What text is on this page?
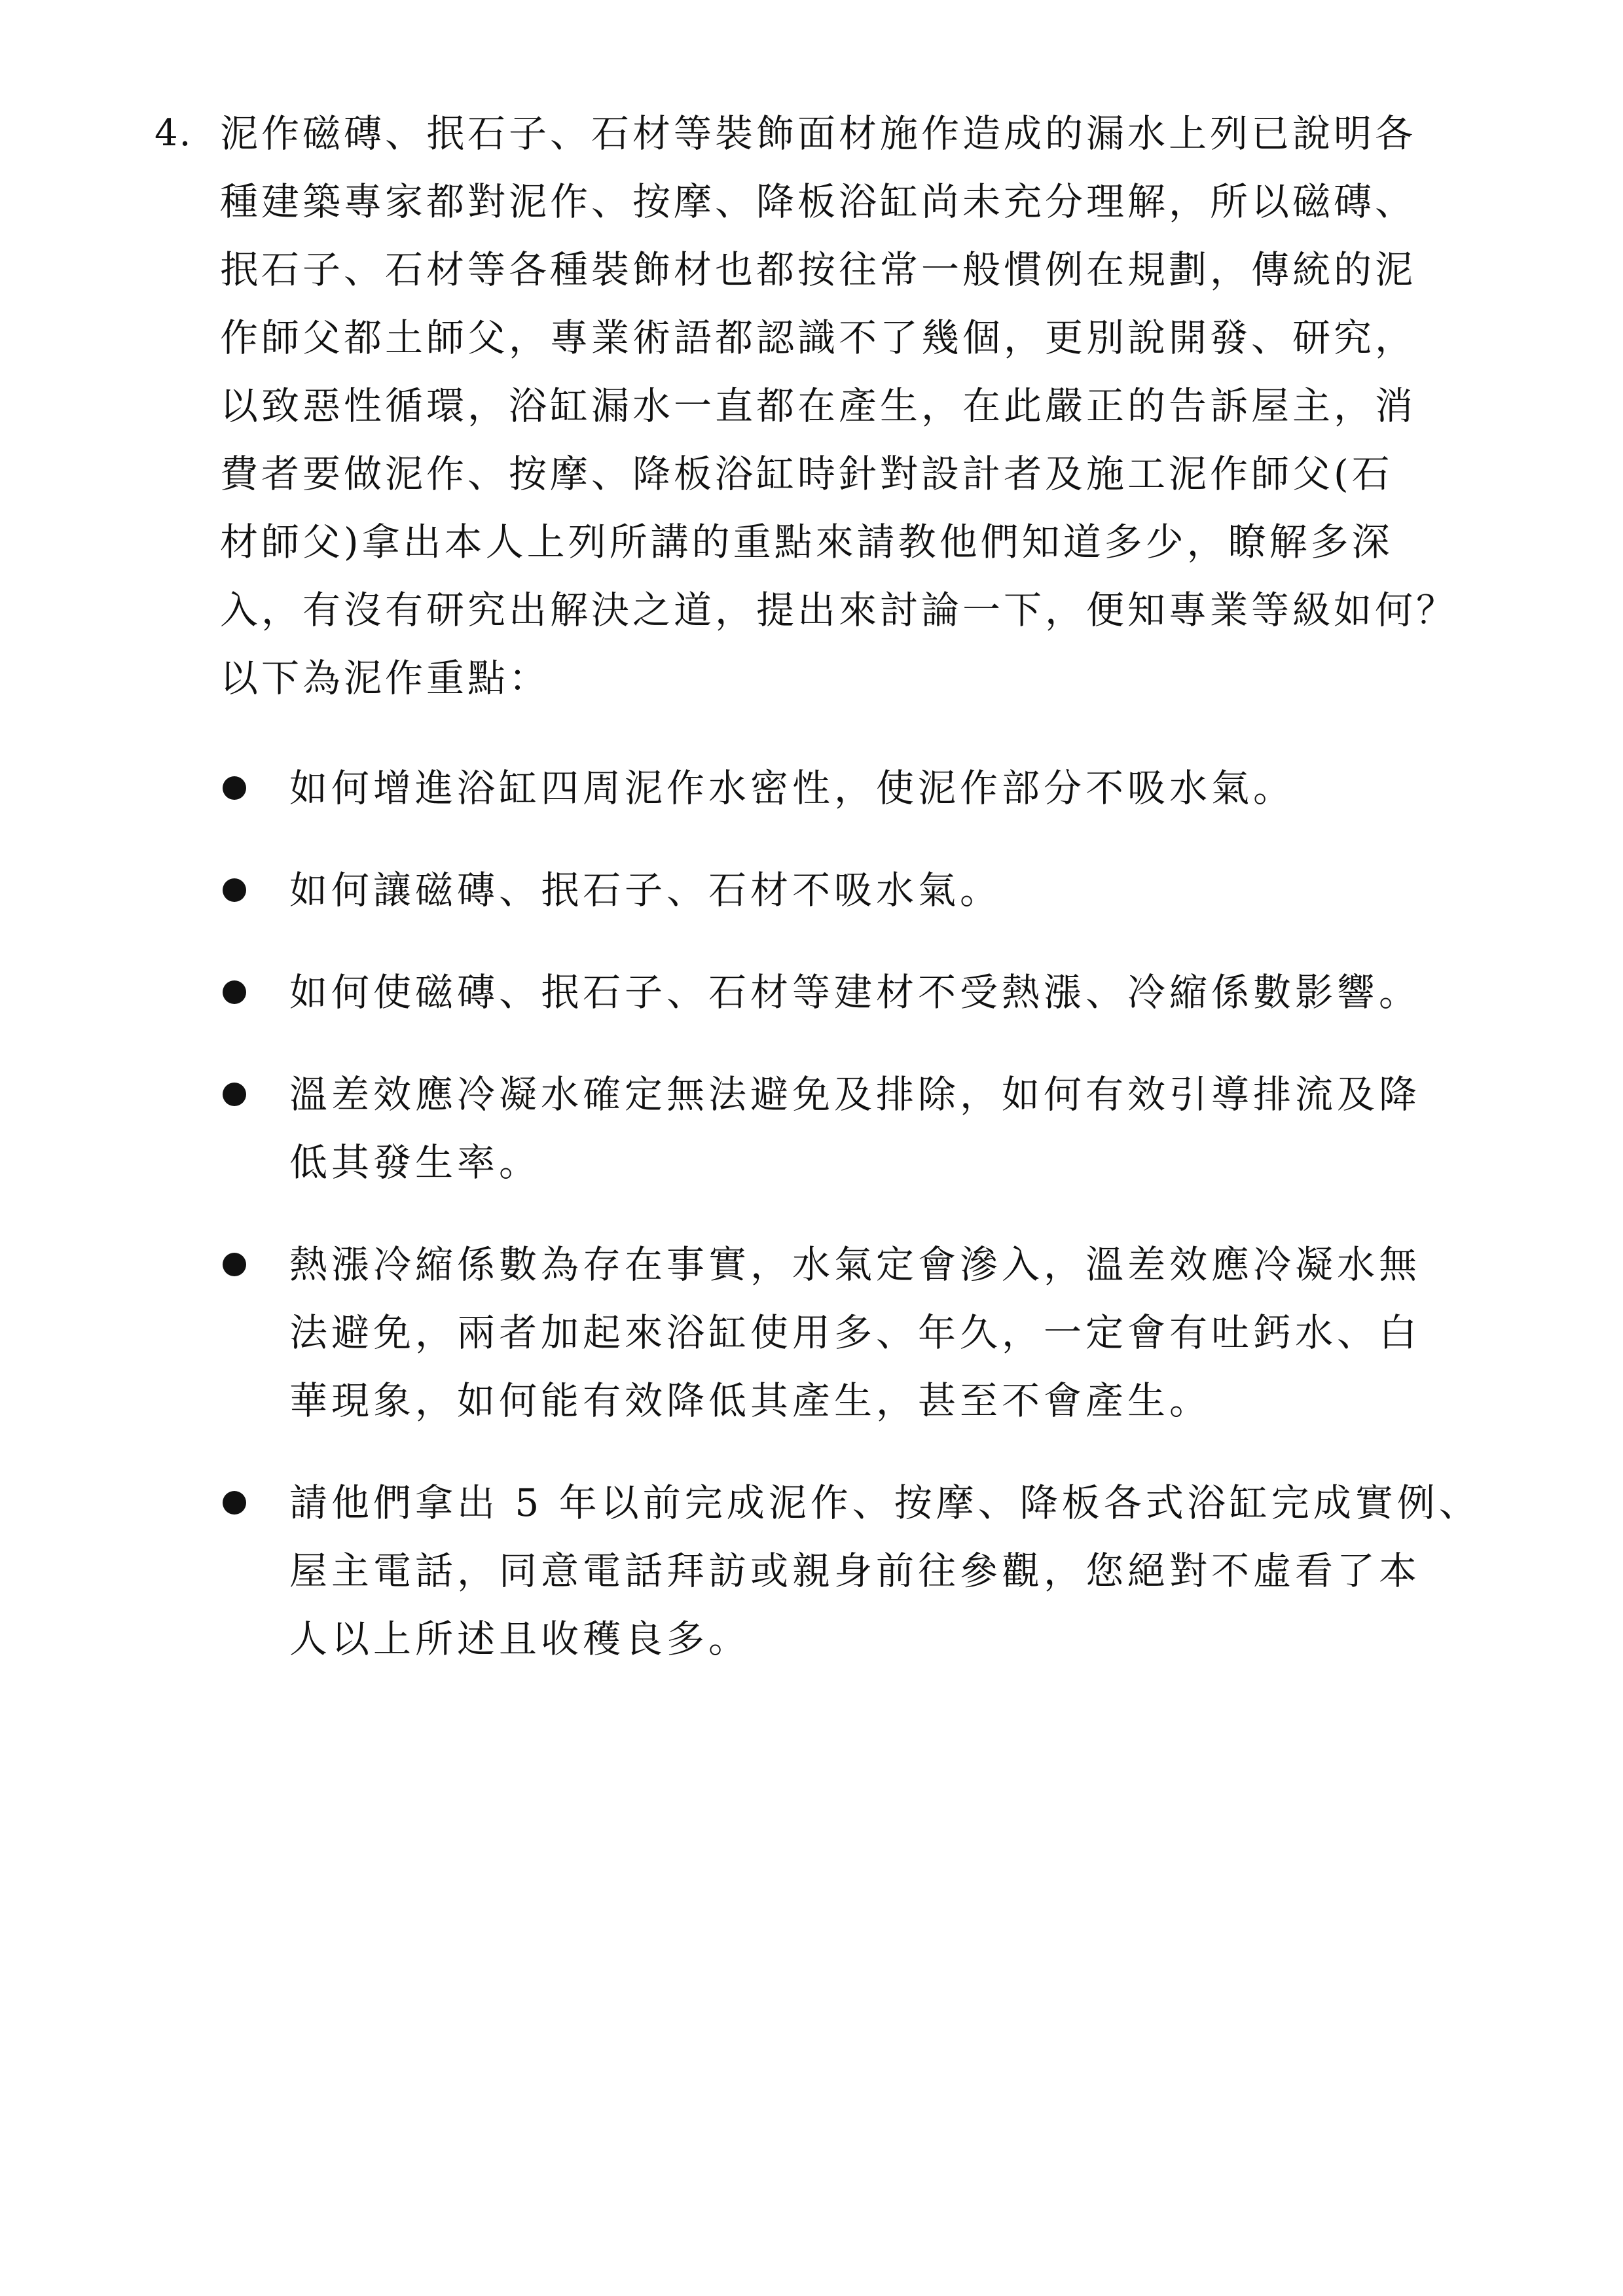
4. 泥作磁磚、抿石子、石材等裝飾面材施作造成的漏水上列已說明各
種建築專家都對泥作、按摩、降板浴缸尚未充分理解，所以磁磚、
抿石子、石材等各種裝飾材也都按往常一般慣例在規劃，傳統的泥
作師父都土師父，專業術語都認識不了幾個，更別說開發、研究，
以致惡性循環，浴缸漏水一直都在產生，在此嚴正的告訴屋主，消
費者要做泥作、按摩、降板浴缸時針對設計者及施工泥作師父(石
材師父)拿出本人上列所講的重點來請教他們知道多少，瞭解多深
入，有沒有研究出解決之道，提出來討論一下，便知專業等級如何？
以下為泥作重點：
如何增進浴缸四周泥作水密性，使泥作部分不吸水氣。
如何讓磁磚、抿石子、石材不吸水氣。
如何使磁磚、抿石子、石材等建材不受熱漲、冷縮係數影響。
溫差效應冷凝水確定無法避免及排除，如何有效引導排流及降
低其發生率。
熱漲冷縮係數為存在事實，水氣定會滲入，溫差效應冷凝水無
法避免，兩者加起來浴缸使用多、年久，一定會有吐鈣水、白
華現象，如何能有效降低其產生，甚至不會產生。
請他們拿出 5 年以前完成泥作、按摩、降板各式浴缸完成實例、
屋主電話，同意電話拜訪或親身前往參觀，您絕對不虛看了本
人以上所述且收穫良多。
